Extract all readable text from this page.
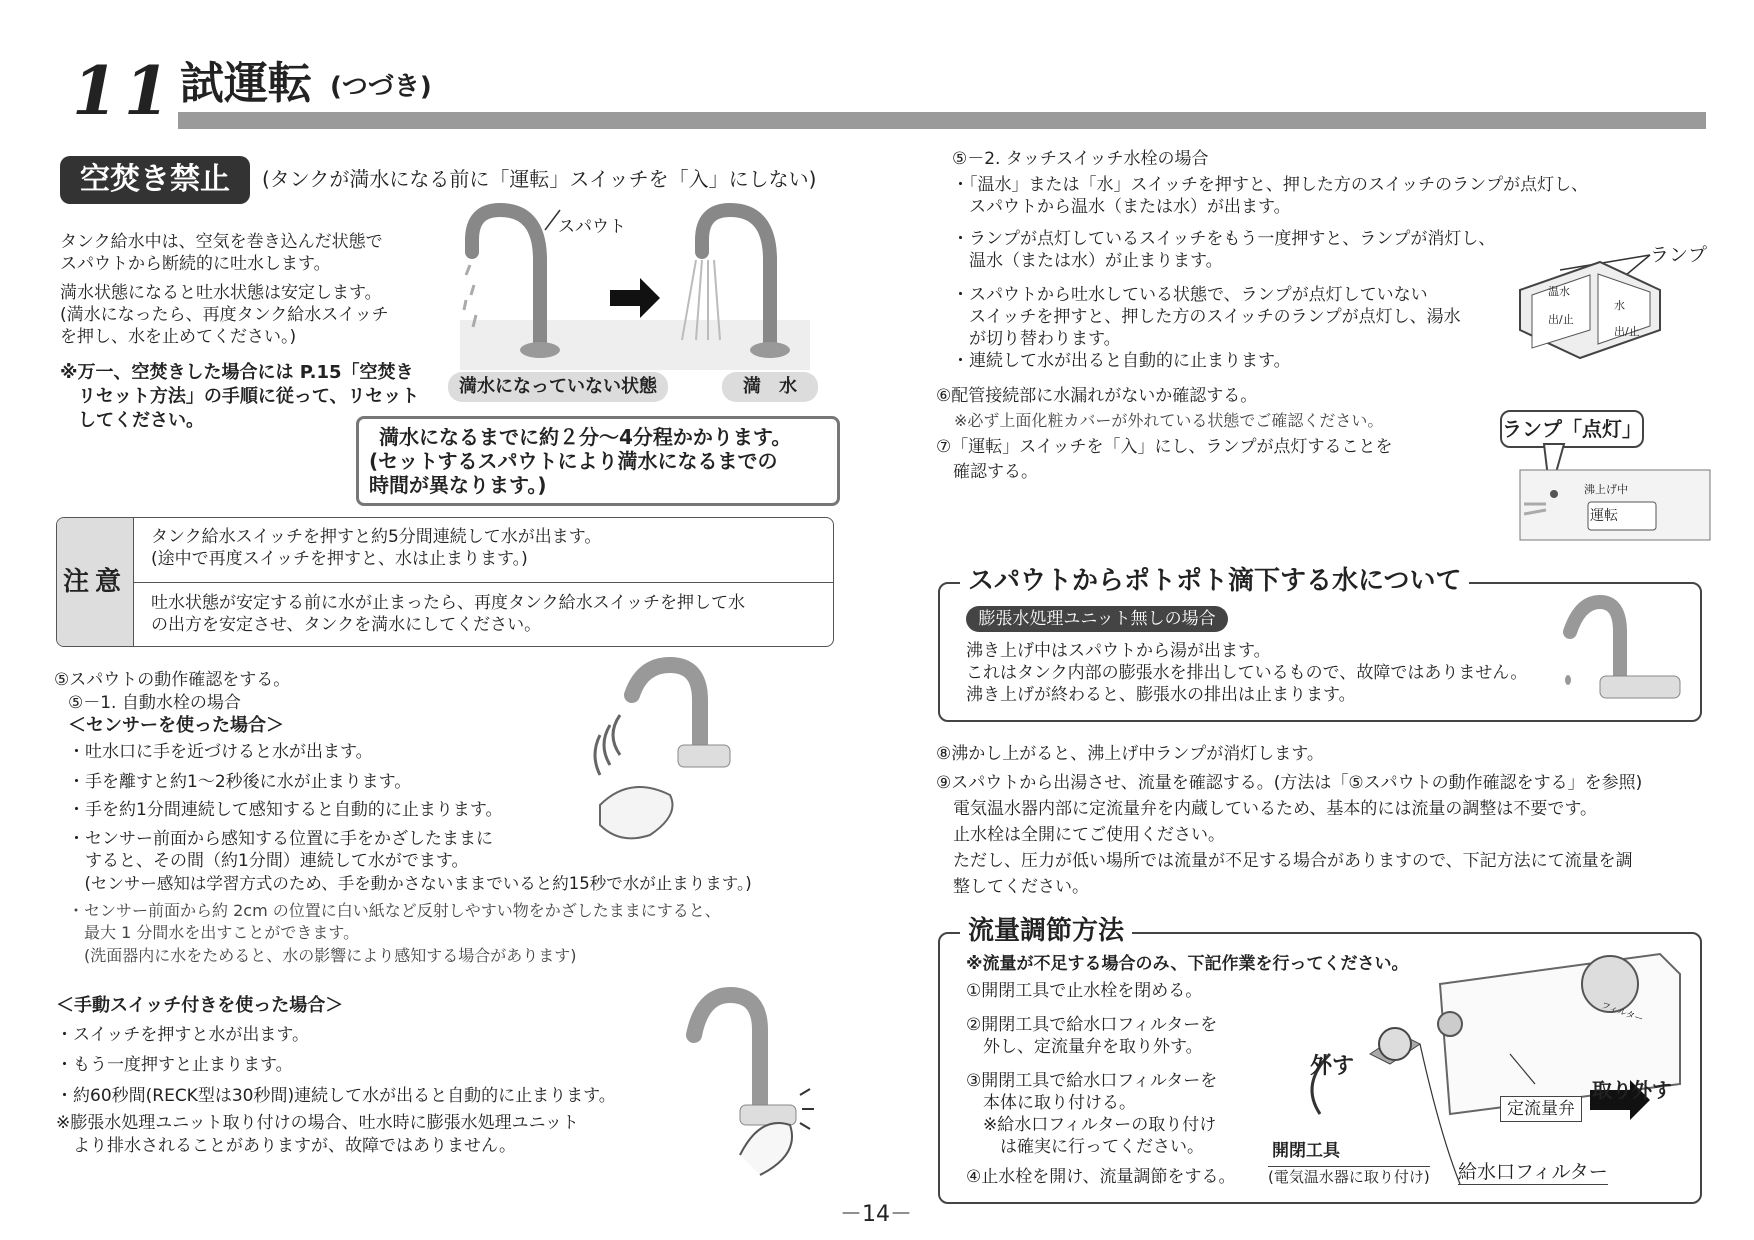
11 試運転 (つづき)
空焚き禁止	(タンクが満水になる前に「運転」スイッチを「入」にしない)
タンク給水中は、空気を巻き込んだ状態で
スパウトから断続的に吐水します。
満水状態になると吐水状態は安定します。
(満水になったら、再度タンク給水スイッチ
を押し、水を止めてください。)
※万一、空焚きした場合には P.15「空焚き
リセット方法」の手順に従って、リセット
してください。
スパウト
満水になっていない状態	満　水
満水になるまでに約２分～4分程かかります。
(セットするスパウトにより満水になるまでの
時間が異なります。)
注意
タンク給水スイッチを押すと約5分間連続して水が出ます。
(途中で再度スイッチを押すと、水は止まります。)
吐水状態が安定する前に水が止まったら、再度タンク給水スイッチを押して水
の出方を安定させ、タンクを満水にしてください。
⑤スパウトの動作確認をする。
⑤－1. 自動水栓の場合
＜センサーを使った場合＞
・吐水口に手を近づけると水が出ます。
・手を離すと約1～2秒後に水が止まります。
・手を約1分間連続して感知すると自動的に止まります。
・センサー前面から感知する位置に手をかざしたままに
　すると、その間（約1分間）連続して水がでます。
　(センサー感知は学習方式のため、手を動かさないままでいると約15秒で水が止まります。)
・センサー前面から約 2cm の位置に白い紙など反射しやすい物をかざしたままにすると、
　最大 1 分間水を出すことができます。
　(洗面器内に水をためると、水の影響により感知する場合があります)
＜手動スイッチ付きを使った場合＞
・スイッチを押すと水が出ます。
・もう一度押すと止まります。
・約60秒間(RECK型は30秒間)連続して水が出ると自動的に止まります。
※膨張水処理ユニット取り付けの場合、吐水時に膨張水処理ユニット
　より排水されることがありますが、故障ではありません。
⑤－2. タッチスイッチ水栓の場合
・「温水」または「水」スイッチを押すと、押した方のスイッチのランプが点灯し、
　スパウトから温水（または水）が出ます。
・ランプが点灯しているスイッチをもう一度押すと、ランプが消灯し、
　温水（または水）が止まります。
・スパウトから吐水している状態で、ランプが点灯していない
　スイッチを押すと、押した方のスイッチのランプが点灯し、湯水
　が切り替わります。
・連続して水が出ると自動的に止まります。
ランプ
温水
出/止
水
出/止
⑥配管接続部に水漏れがないか確認する。
※必ず上面化粧カバーが外れている状態でご確認ください。
⑦「運転」スイッチを「入」にし、ランプが点灯することを
　確認する。
ランプ「点灯」
沸上げ中
運転
スパウトからポトポト滴下する水について
膨張水処理ユニット無しの場合
沸き上げ中はスパウトから湯が出ます。
これはタンク内部の膨張水を排出しているもので、故障ではありません。
沸き上げが終わると、膨張水の排出は止まります。
⑧沸かし上がると、沸上げ中ランプが消灯します。
⑨スパウトから出湯させ、流量を確認する。(方法は「⑤スパウトの動作確認をする」を参照)
　電気温水器内部に定流量弁を内蔵しているため、基本的には流量の調整は不要です。
　止水栓は全開にてご使用ください。
　ただし、圧力が低い場所では流量が不足する場合がありますので、下記方法にて流量を調
　整してください。
流量調節方法
※流量が不足する場合のみ、下記作業を行ってください。
①開閉工具で止水栓を閉める。
②開閉工具で給水口フィルターを
　外し、定流量弁を取り外す。
③開閉工具で給水口フィルターを
　本体に取り付ける。
　※給水口フィルターの取り付け
　　は確実に行ってください。
④止水栓を開け、流量調節をする。
外す
定流量弁
取り外す
開閉工具
(電気温水器に取り付け) 給水口フィルター
フィルター
－14－
